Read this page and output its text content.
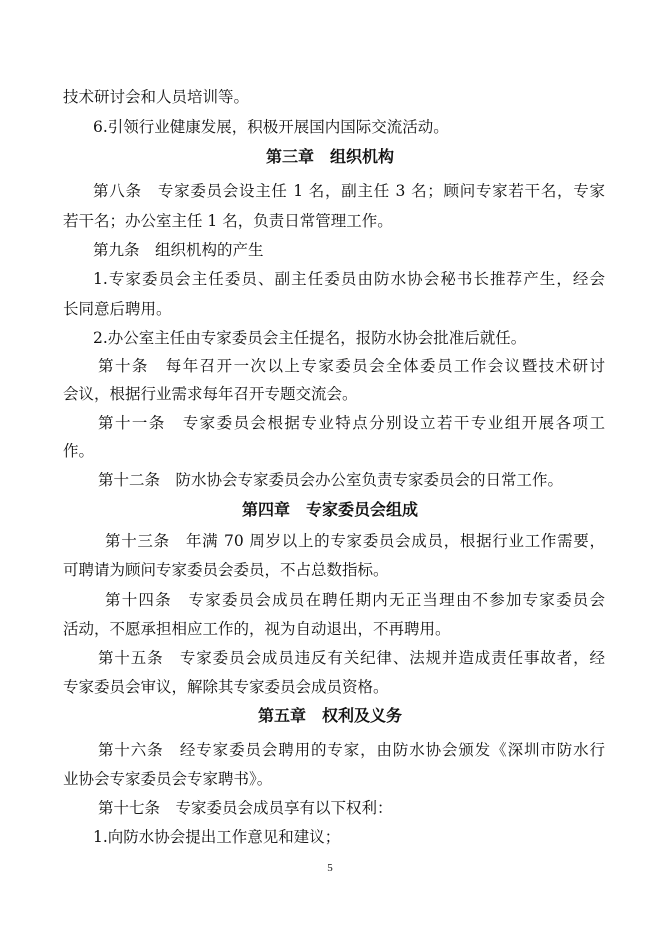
技术研讨会和人员培训等。
6.引领行业健康发展，积极开展国内国际交流活动。
第三章　组织机构
第八条　专家委员会设主任 1 名，副主任 3 名；顾问专家若干名，专家
若干名；办公室主任 1 名，负责日常管理工作。
第九条　组织机构的产生
1.专家委员会主任委员、副主任委员由防水协会秘书长推荐产生，经会
长同意后聘用。
2.办公室主任由专家委员会主任提名，报防水协会批准后就任。
第十条　每年召开一次以上专家委员会全体委员工作会议暨技术研讨
会议，根据行业需求每年召开专题交流会。
第十一条　专家委员会根据专业特点分别设立若干专业组开展各项工
作。
第十二条　防水协会专家委员会办公室负责专家委员会的日常工作。
第四章　专家委员会组成
第十三条　年满 70 周岁以上的专家委员会成员，根据行业工作需要，
可聘请为顾问专家委员会委员，不占总数指标。
第十四条　专家委员会成员在聘任期内无正当理由不参加专家委员会
活动，不愿承担相应工作的，视为自动退出，不再聘用。
第十五条　专家委员会成员违反有关纪律、法规并造成责任事故者，经
专家委员会审议，解除其专家委员会成员资格。
第五章　权利及义务
第十六条　经专家委员会聘用的专家，由防水协会颁发《深圳市防水行
业协会专家委员会专家聘书》。
第十七条　专家委员会成员享有以下权利：
1.向防水协会提出工作意见和建议；
5
